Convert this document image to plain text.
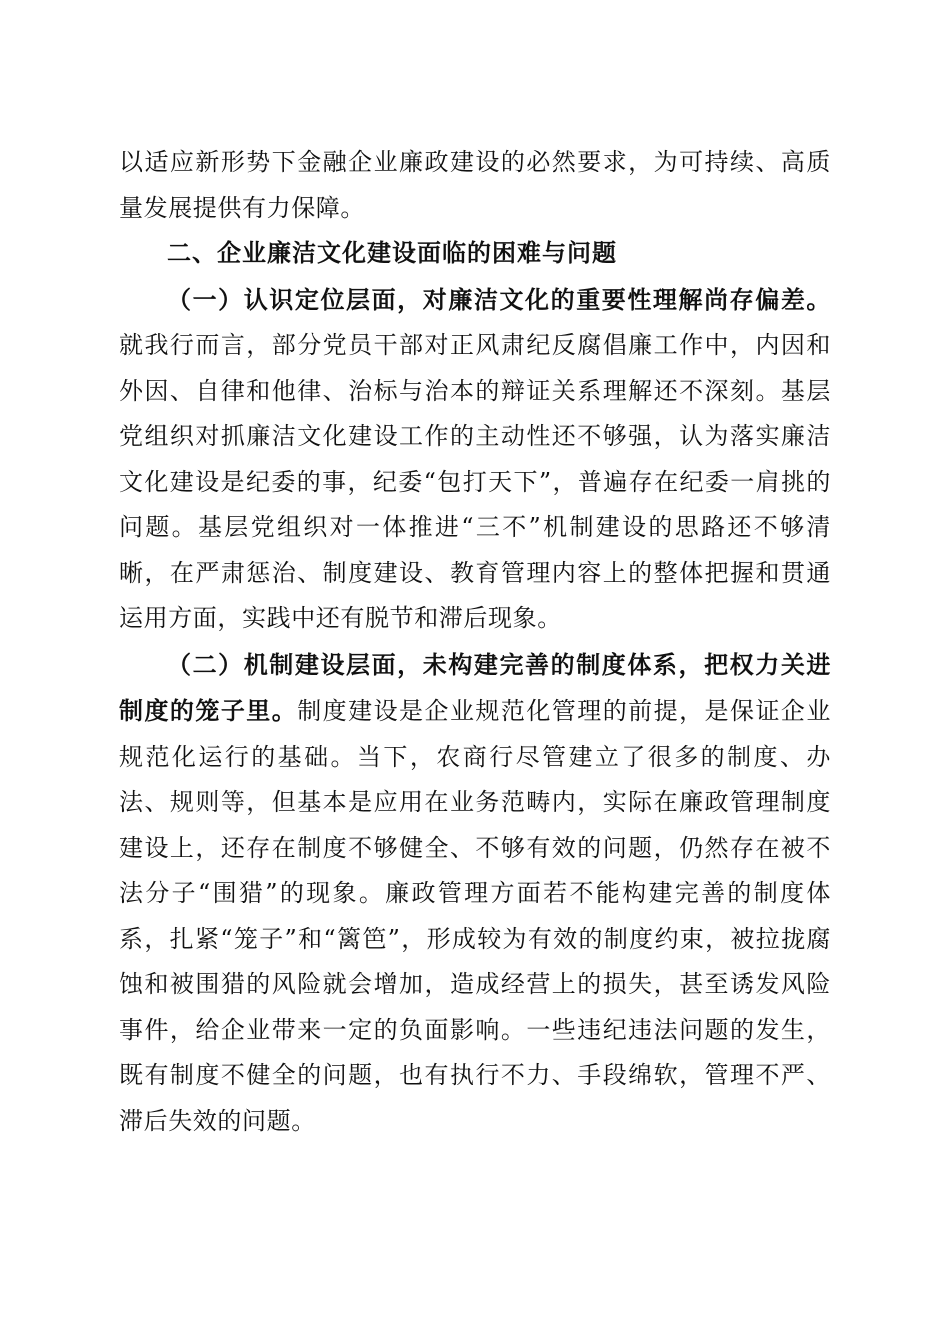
以适应新形势下金融企业廉政建设的必然要求，为可持续、高质量发展提供有力保障。

二、企业廉洁文化建设面临的困难与问题

（一）认识定位层面，对廉洁文化的重要性理解尚存偏差。就我行而言，部分党员干部对正风肃纪反腐倡廉工作中，内因和外因、自律和他律、治标与治本的辩证关系理解还不深刻。基层党组织对抓廉洁文化建设工作的主动性还不够强，认为落实廉洁文化建设是纪委的事，纪委“包打天下”，普遍存在纪委一肩挑的问题。基层党组织对一体推进“三不”机制建设的思路还不够清晰，在严肃惩治、制度建设、教育管理内容上的整体把握和贯通运用方面，实践中还有脱节和滞后现象。

（二）机制建设层面，未构建完善的制度体系，把权力关进制度的笼子里。制度建设是企业规范化管理的前提，是保证企业规范化运行的基础。当下，农商行尽管建立了很多的制度、办法、规则等，但基本是应用在业务范畴内，实际在廉政管理制度建设上，还存在制度不够健全、不够有效的问题，仍然存在被不法分子“围猎”的现象。廉政管理方面若不能构建完善的制度体系，扎紧“笼子”和“篱笆”，形成较为有效的制度约束，被拉拢腐蚀和被围猎的风险就会增加，造成经营上的损失，甚至诱发风险事件，给企业带来一定的负面影响。一些违纪违法问题的发生，既有制度不健全的问题，也有执行不力、手段绵软，管理不严、滞后失效的问题。
